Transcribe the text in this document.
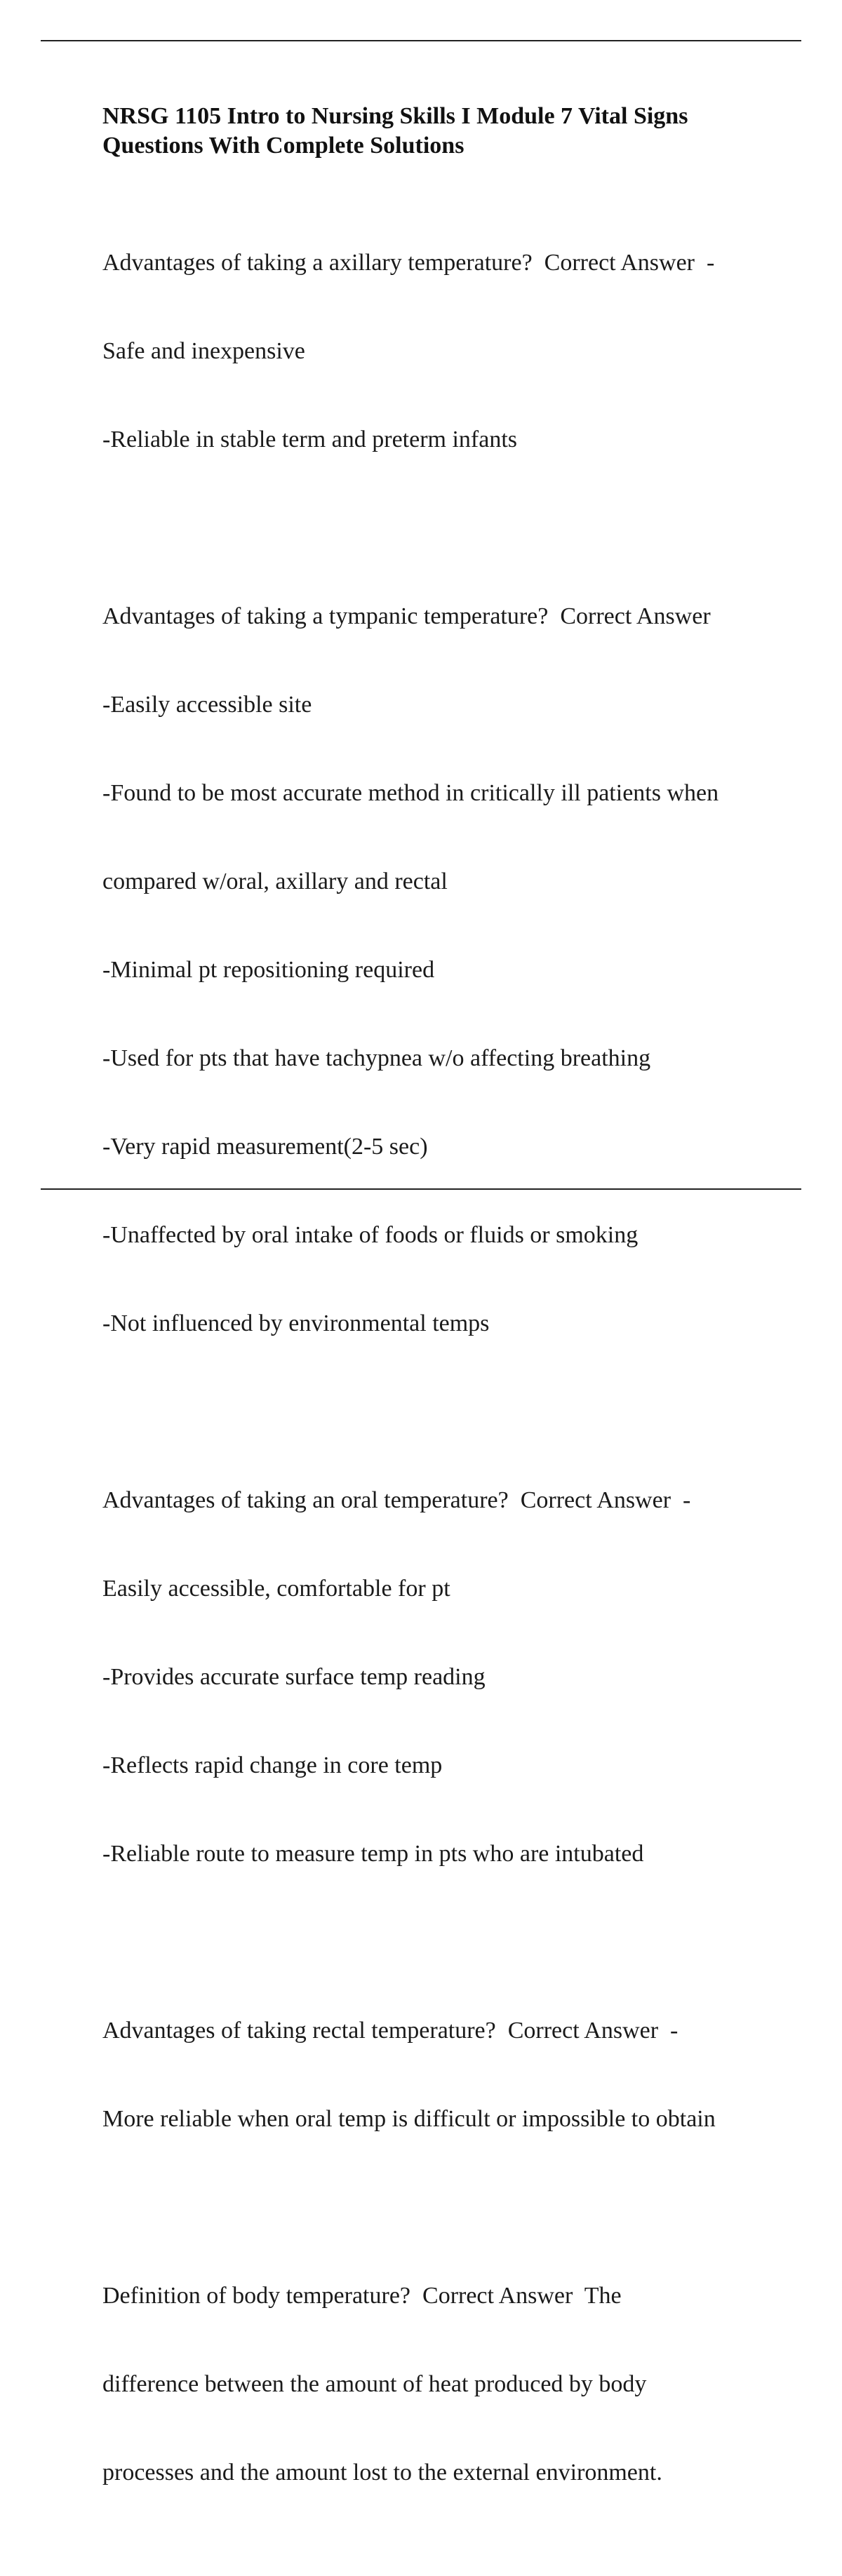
NRSG 1105 Intro to Nursing Skills I Module 7 Vital Signs
Questions With Complete Solutions

Advantages of taking a axillary temperature?  Correct Answer  -

Safe and inexpensive

-Reliable in stable term and preterm infants

Advantages of taking a tympanic temperature?  Correct Answer

-Easily accessible site

-Found to be most accurate method in critically ill patients when

compared w/oral, axillary and rectal

-Minimal pt repositioning required

-Used for pts that have tachypnea w/o affecting breathing

-Very rapid measurement(2-5 sec)

-Unaffected by oral intake of foods or fluids or smoking

-Not influenced by environmental temps

Advantages of taking an oral temperature?  Correct Answer  -

Easily accessible, comfortable for pt

-Provides accurate surface temp reading

-Reflects rapid change in core temp

-Reliable route to measure temp in pts who are intubated

Advantages of taking rectal temperature?  Correct Answer  -

More reliable when oral temp is difficult or impossible to obtain

Definition of body temperature?  Correct Answer  The

difference between the amount of heat produced by body

processes and the amount lost to the external environment.
